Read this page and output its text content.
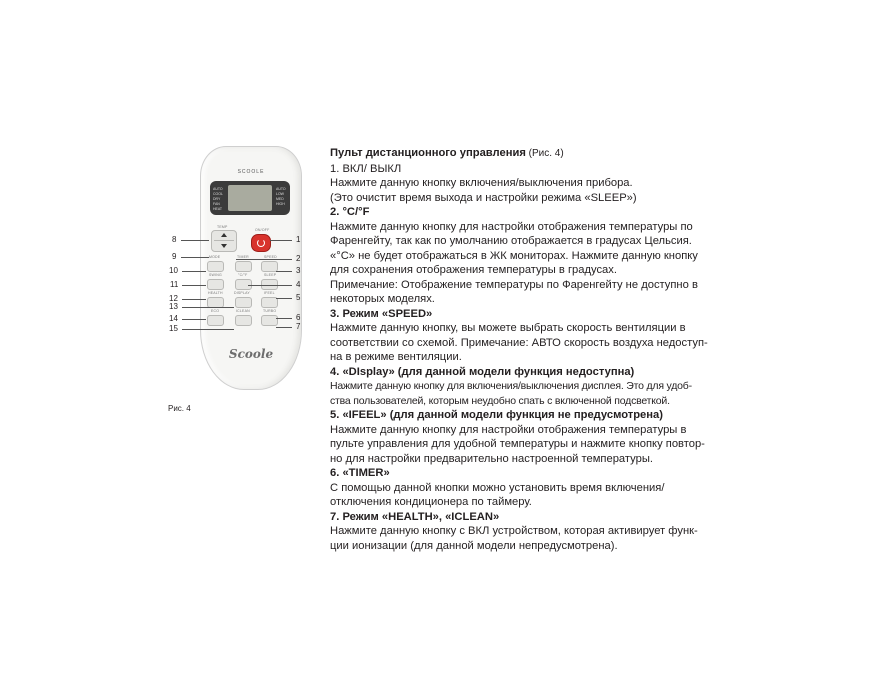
SCOOLE
AUTO
COOL
DRY
FAN
HEAT
AUTO
LOW
MED
HIGH
ON/OFF
TEMP
MODE	TIMER	SPEED
SWING	°C/°F	SLEEP
HEALTH	DISPLAY	IFEEL
ECO	ICLEAN	TURBO
Scoole
8
9
10
11
12
13
14
15
1
2
3
4
5
6
7
Рис. 4

Пульт дистанционного управления (Рис. 4)

1. ВКЛ/ ВЫКЛ

Нажмите данную кнопку включения/выключения прибора.

(Это очистит время выхода и настройки режима «SLEEP»)

2. °C/°F

Нажмите данную кнопку для настройки отображения температуры по

Фаренгейту, так как по умолчанию отображается в градусах Цельсия.

«°C» не будет отображаться в ЖК мониторах. Нажмите данную кнопку

для сохранения отображения температуры в градусах.

Примечание: Отображение температуры по Фаренгейту не доступно в

некоторых моделях.

3. Режим «SPEED»

Нажмите данную кнопку, вы можете выбрать скорость вентиляции в

соответствии со схемой. Примечание: АВТО скорость воздуха недоступ-

на в режиме вентиляции.

4. «DIsplay» (для данной модели функция недоступна)

Нажмите данную кнопку для включения/выключения дисплея. Это для удоб-

ства пользователей, которым неудобно спать с включенной подсветкой.

5. «IFEEL» (для данной модели функция не предусмотрена)

Нажмите данную кнопку для настройки отображения температуры в

пульте управления для удобной температуры и нажмите кнопку повтор-

но для настройки предварительно настроенной температуры.

6. «TIMER»

С помощью данной кнопки можно установить время включения/

отключения кондиционера по таймеру.

7. Режим «HEALTH», «ICLEAN»

Нажмите данную кнопку с ВКЛ устройством, которая активирует функ-

ции ионизации (для данной модели непредусмотрена).
